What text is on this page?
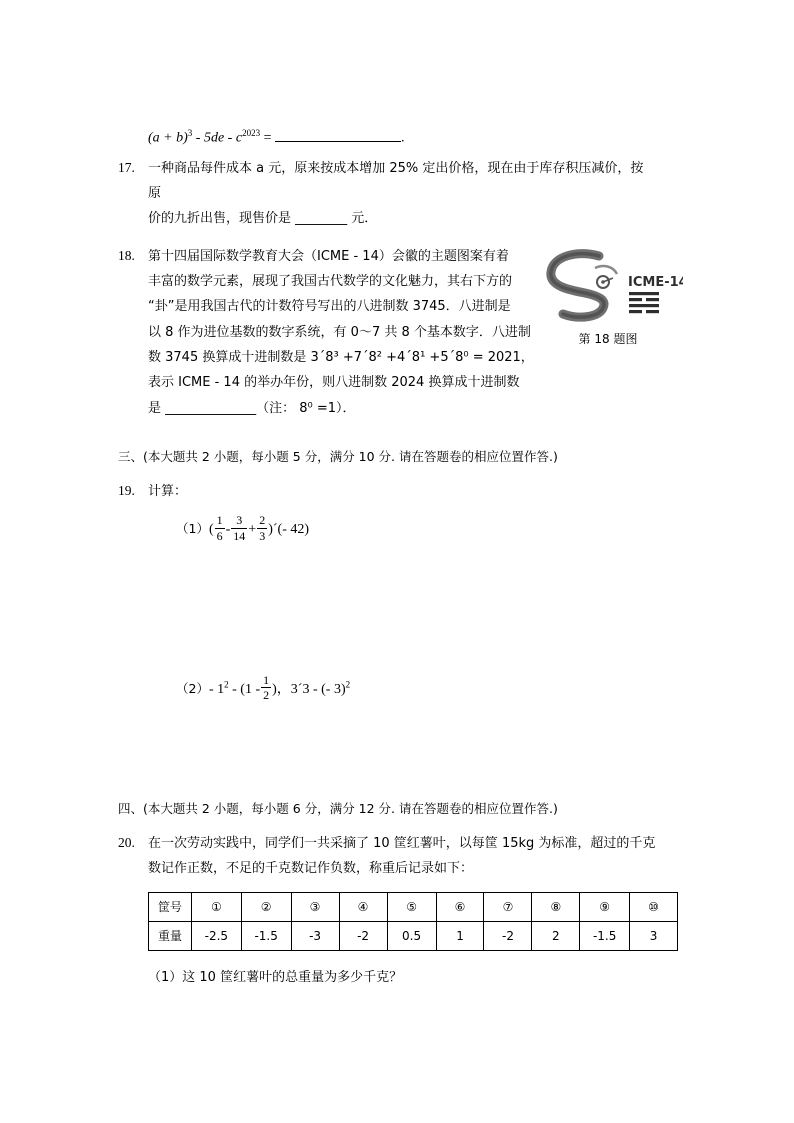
$(a + b)^3 - 5de - c^{2023}$ =	.
17.	一种商品每件成本 a 元，原来按成本增加 25% 定出价格，现在由于库存积压减价，按原
价的九折出售，现售价是 ________ 元．
18.	第十四届国际数学教育大会（ICME - 14）会徽的主题图案有着
丰富的数学元素，展现了我国古代数学的文化魅力，其右下方的
“卦”是用我国古代的计数符号写出的八进制数 3745．八进制是
以 8 作为进位基数的数字系统，有 0～7 共 8 个基本数字．八进制
数 3745 换算成十进制数是 3´8³ +7´8² +4´8¹ +5´8⁰ = 2021，
表示 ICME - 14 的举办年份，则八进制数 2024 换算成十进制数
是 ______________（注： 8⁰ =1）．
ICME-14
第 18 题图
三、(本大题共 2 小题，每小题 5 分，满分 10 分. 请在答题卷的相应位置作答.)
19.	计算：
$(1)( \frac{1}{6} - \frac{3}{14} + \frac{2}{3}$ )´(- 42)
（2）- $1^2 - (1 - \frac{1}{2}$ )，3´3 - (- 3)$^2$
四、(本大题共 2 小题，每小题 6 分，满分 12 分. 请在答题卷的相应位置作答.)
20.	在一次劳动实践中，同学们一共采摘了 10 筐红薯叶，以每筐 15kg 为标准，超过的千克
数记作正数，不足的千克数记作负数，称重后记录如下：
筐号	①	②	③	④	⑤	⑥	⑦	⑧	⑨	⑩
重量	-2.5	-1.5	-3	-2	0.5	1	-2	2	-1.5	3
（1）这 10 筐红薯叶的总重量为多少千克？
